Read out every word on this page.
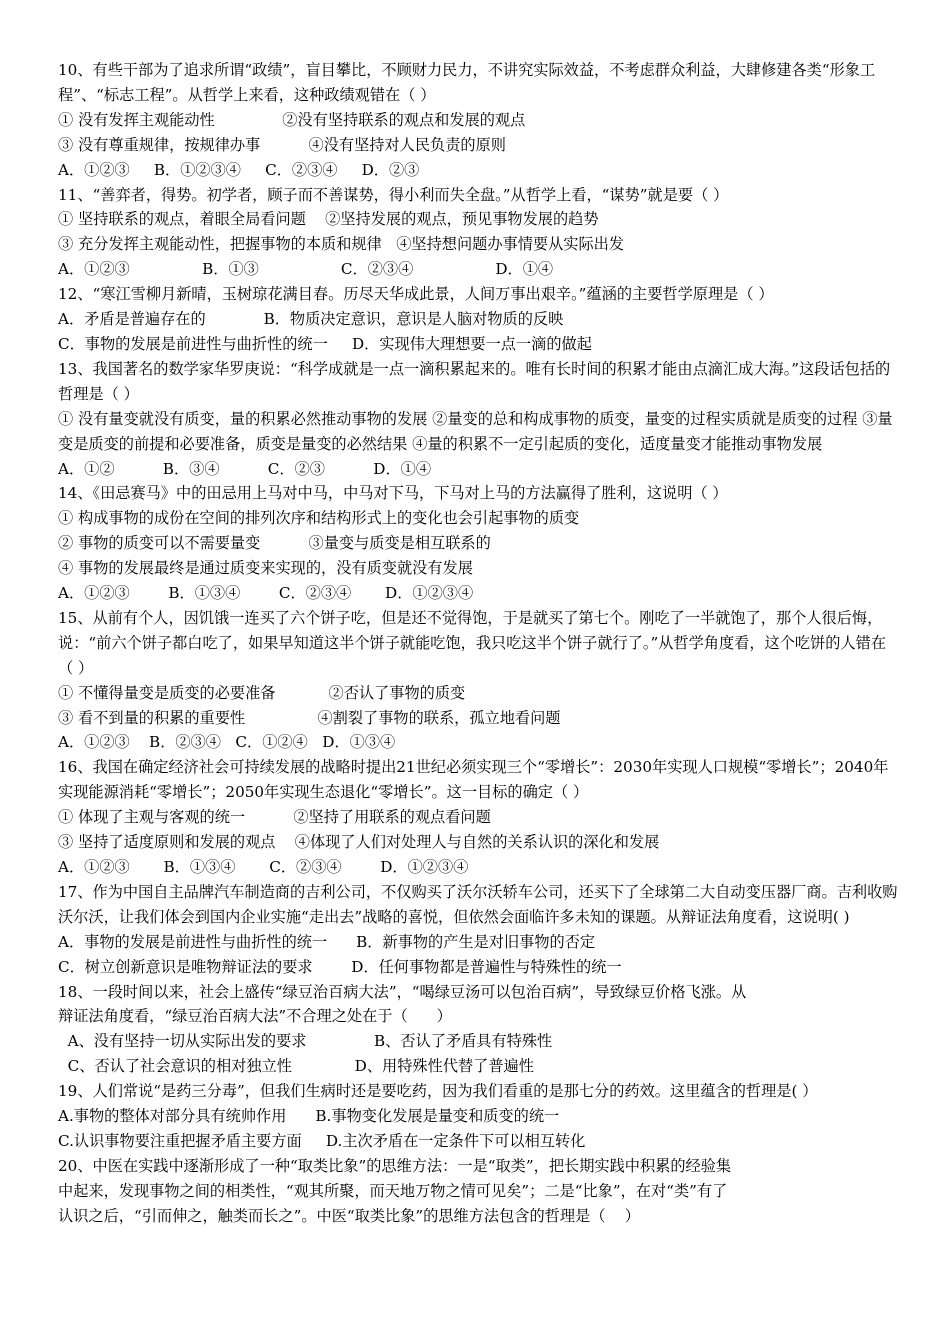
10、有些干部为了追求所谓“政绩”，盲目攀比，不顾财力民力，不讲究实际效益，不考虑群众利益，大肆修建各类“形象工程”、“标志工程”。从哲学上来看，这种政绩观错在（ ）
① 没有发挥主观能动性              ②没有坚持联系的观点和发展的观点
③ 没有尊重规律，按规律办事          ④没有坚持对人民负责的原则
A．①②③     B．①②③④     C．②③④     D．②③
11、“善弈者，得势。初学者，顾子而不善谋势，得小利而失全盘。”从哲学上看，“谋势”就是要（ ）
① 坚持联系的观点，着眼全局看问题    ②坚持发展的观点，预见事物发展的趋势
③ 充分发挥主观能动性，把握事物的本质和规律   ④坚持想问题办事情要从实际出发
A．①②③               B．①③                 C．②③④                 D．①④
12、“寒江雪柳月新晴，玉树琼花满目春。历尽天华成此景，人间万事出艰辛。”蕴涵的主要哲学原理是（ ）
A．矛盾是普遍存在的            B．物质决定意识，意识是人脑对物质的反映
C．事物的发展是前进性与曲折性的统一     D．实现伟大理想要一点一滴的做起
13、我国著名的数学家华罗庚说：“科学成就是一点一滴积累起来的。唯有长时间的积累才能由点滴汇成大海。”这段话包括的哲理是（ ）
① 没有量变就没有质变，量的积累必然推动事物的发展 ②量变的总和构成事物的质变，量变的过程实质就是质变的过程 ③量变是质变的前提和必要准备，质变是量变的必然结果 ④量的积累不一定引起质的变化，适度量变才能推动事物发展
A．①②          B．③④          C．②③          D．①④
14、《田忌赛马》中的田忌用上马对中马，中马对下马，下马对上马的方法赢得了胜利，这说明（ ）
① 构成事物的成份在空间的排列次序和结构形式上的变化也会引起事物的质变
② 事物的质变可以不需要量变          ③量变与质变是相互联系的
④ 事物的发展最终是通过质变来实现的，没有质变就没有发展
A．①②③        B．①③④        C．②③④       D．①②③④
15、从前有个人，因饥饿一连买了六个饼子吃，但是还不觉得饱，于是就买了第七个。刚吃了一半就饱了，那个人很后悔，说：“前六个饼子都白吃了，如果早知道这半个饼子就能吃饱，我只吃这半个饼子就行了。”从哲学角度看，这个吃饼的人错在（ ）
① 不懂得量变是质变的必要准备           ②否认了事物的质变
③ 看不到量的积累的重要性               ④割裂了事物的联系，孤立地看问题
A．①②③    B．②③④   C．①②④   D．①③④
16、我国在确定经济社会可持续发展的战略时提出21世纪必须实现三个“零增长”：2030年实现人口规模“零增长”；2040年实现能源消耗“零增长”；2050年实现生态退化“零增长”。这一目标的确定（ ）
① 体现了主观与客观的统一          ②坚持了用联系的观点看问题
③ 坚持了适度原则和发展的观点    ④体现了人们对处理人与自然的关系认识的深化和发展
A．①②③       B．①③④       C．②③④        D．①②③④
17、作为中国自主品牌汽车制造商的吉利公司，不仅购买了沃尔沃轿车公司，还买下了全球第二大自动变压器厂商。吉利收购沃尔沃，让我们体会到国内企业实施“走出去”战略的喜悦，但依然会面临许多未知的课题。从辩证法角度看，这说明( )
A．事物的发展是前进性与曲折性的统一      B．新事物的产生是对旧事物的否定
C．树立创新意识是唯物辩证法的要求        D．任何事物都是普遍性与特殊性的统一
18、一段时间以来，社会上盛传“绿豆治百病大法”，“喝绿豆汤可以包治百病”，导致绿豆价格飞涨。从
辩证法角度看，“绿豆治百病大法”不合理之处在于（      ）
A、没有坚持一切从实际出发的要求              B、否认了矛盾具有特殊性
C、否认了社会意识的相对独立性             D、用特殊性代替了普遍性
19、人们常说“是药三分毒”，但我们生病时还是要吃药，因为我们看重的是那七分的药效。这里蕴含的哲理是( ）
A.事物的整体对部分具有统帅作用      B.事物变化发展是量变和质变的统一
C.认识事物要注重把握矛盾主要方面     D.主次矛盾在一定条件下可以相互转化
20、中医在实践中逐渐形成了一种“取类比象”的思维方法：一是“取类”，把长期实践中积累的经验集
中起来，发现事物之间的相类性，“观其所聚，而天地万物之情可见矣”；二是“比象”，在对“类”有了
认识之后，“引而伸之，触类而长之”。中医“取类比象”的思维方法包含的哲理是（    ）
